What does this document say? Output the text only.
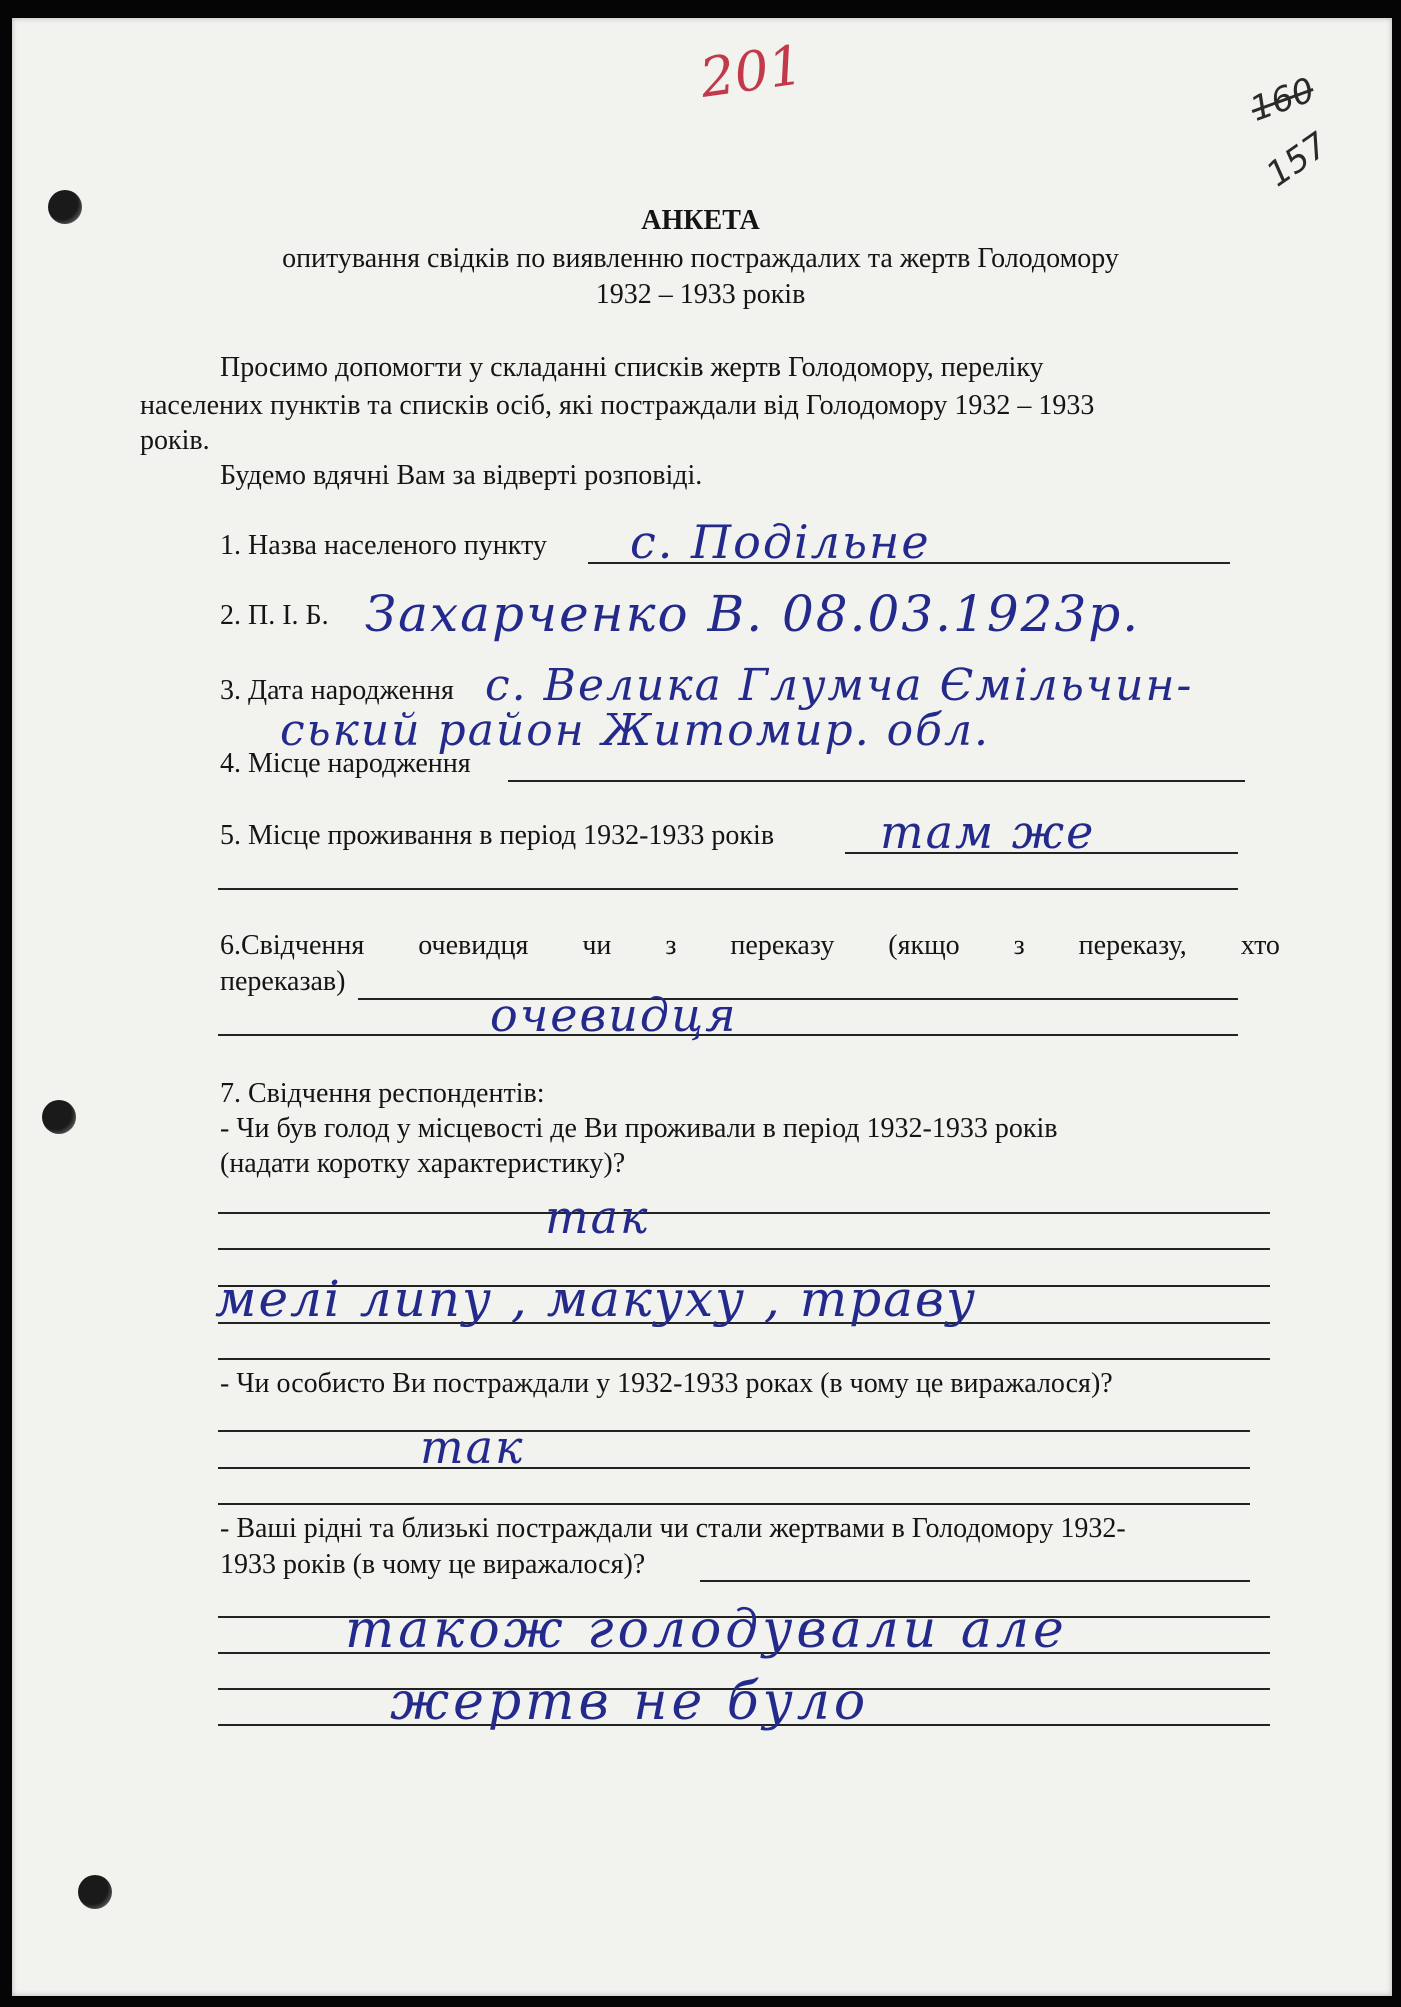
201	160
157
АНКЕТА
опитування свідків по виявленню постраждалих та жертв Голодомору
1932 – 1933 років
Просимо допомогти у складанні списків жертв Голодомору, переліку
населених пунктів та списків осіб, які постраждали від Голодомору 1932 – 1933
років.
Будемо вдячні Вам за відверті розповіді.
1. Назва населеного пункту с. Подільне
2. П. І. Б. Захарченко В. 08.03.1923р.
3. Дата народження с. Велика Глумча Ємільчин-
ський район Житомир. обл.
4. Місце народження
5. Місце проживання в період 1932-1933 років там же
6.Свідчення очевидця чи з переказу (якщо з переказу, хто
переказав)
очевидця
7. Свідчення респондентів:
- Чи був голод у місцевості де Ви проживали в період 1932-1933 років
(надати коротку характеристику)?
так
мелі липу , макуху , траву
- Чи особисто Ви постраждали у 1932-1933 роках (в чому це виражалося)?
так
- Ваші рідні та близькі постраждали чи стали жертвами в Голодомору 1932-
1933 років (в чому це виражалося)?
також голодували але
жертв не було
